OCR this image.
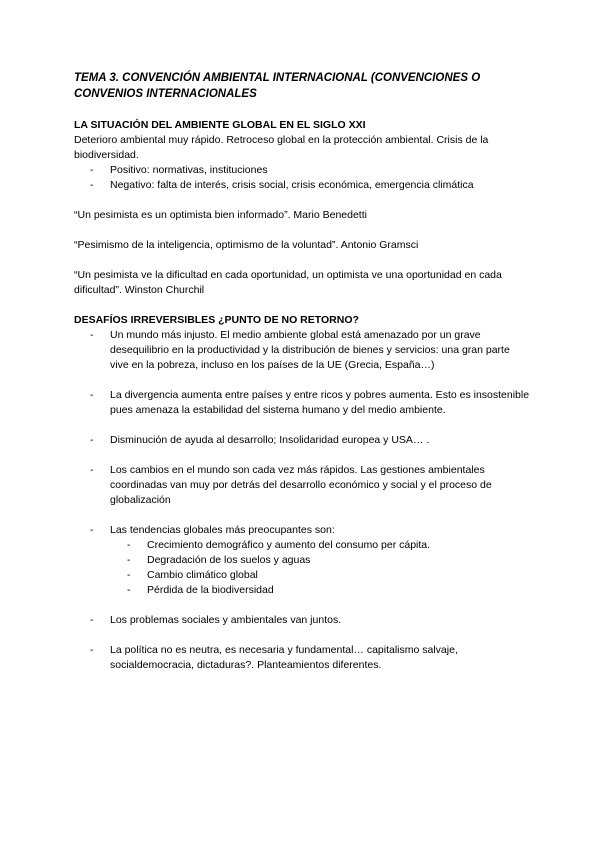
TEMA 3. CONVENCIÓN AMBIENTAL INTERNACIONAL (CONVENCIONES O CONVENIOS INTERNACIONALES
LA SITUACIÓN DEL AMBIENTE GLOBAL EN EL SIGLO XXI

Deterioro ambiental muy rápido. Retroceso global en la protección ambiental. Crisis de la biodiversidad.

- Positivo: normativas, instituciones
- Negativo: falta de interés, crisis social, crisis económica, emergencia climática

“Un pesimista es un optimista bien informado”. Mario Benedetti

“Pesimismo de la inteligencia, optimismo de la voluntad”. Antonio Gramsci

“Un pesimista ve la dificultad en cada oportunidad, un optimista ve una oportunidad en cada dificultad”. Winston Churchil

DESAFÍOS IRREVERSIBLES ¿PUNTO DE NO RETORNO?
- Un mundo más injusto. El medio ambiente global está amenazado por un grave desequilibrio en la productividad y la distribución de bienes y servicios: una gran parte vive en la pobreza, incluso en los países de la UE (Grecia, España…)
- La divergencia aumenta entre países y entre ricos y pobres aumenta. Esto es insostenible pues amenaza la estabilidad del sistema humano y del medio ambiente.
- Disminución de ayuda al desarrollo; Insolidaridad europea y USA… .
- Los cambios en el mundo son cada vez más rápidos. Las gestiones ambientales coordinadas van muy por detrás del desarrollo económico y social y el proceso de globalización
- Las tendencias globales más preocupantes son:
- Crecimiento demográfico y aumento del consumo per cápita.
- Degradación de los suelos y aguas
- Cambio climático global
- Pérdida de la biodiversidad
- Los problemas sociales y ambientales van juntos.
- La política no es neutra, es necesaria y fundamental… capitalismo salvaje, socialdemocracia, dictaduras?. Planteamientos diferentes.
